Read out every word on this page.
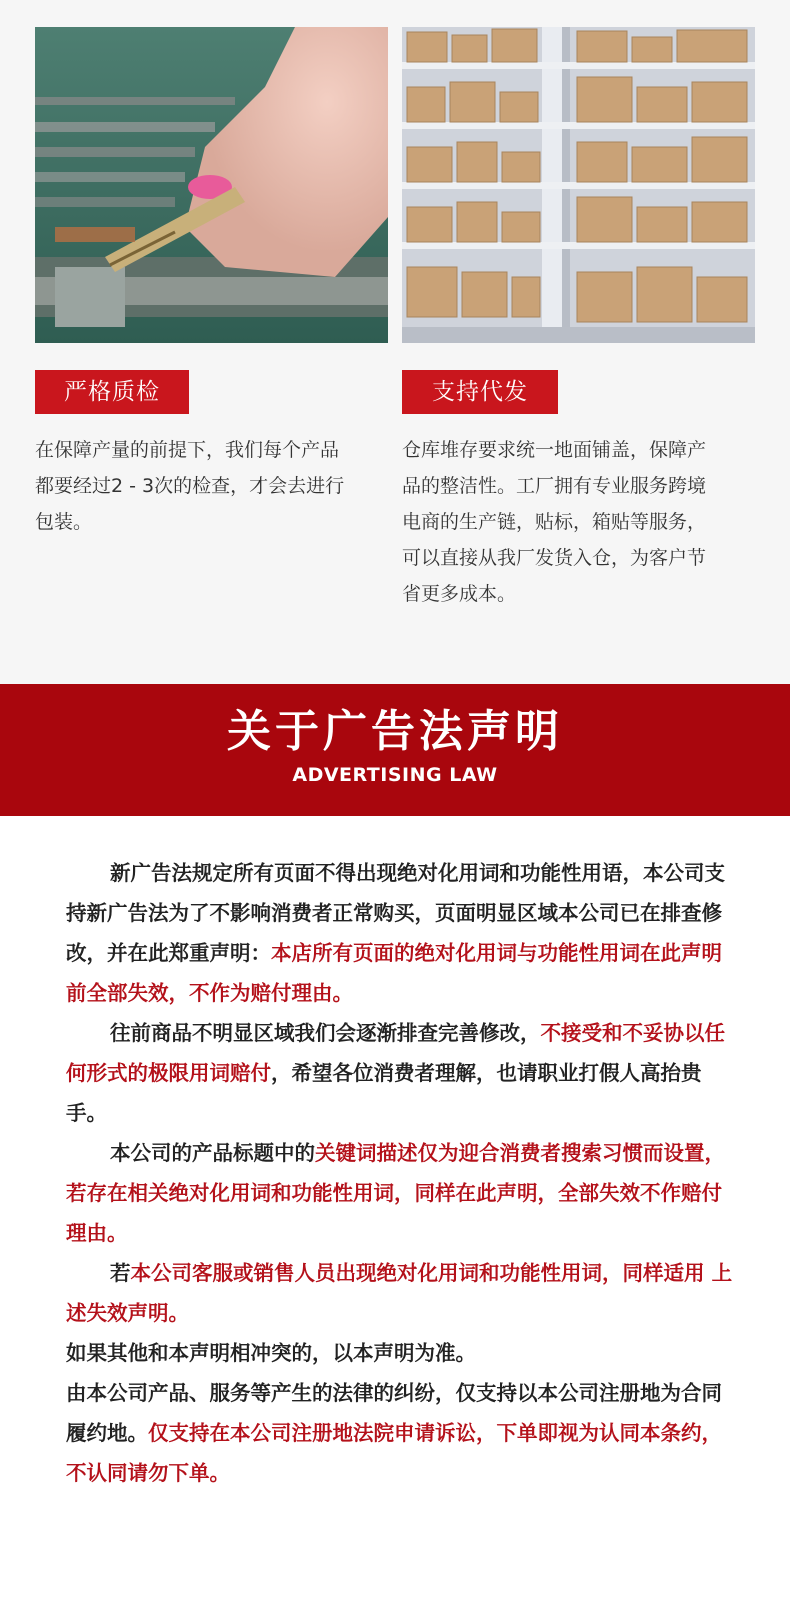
严格质检
在保障产量的前提下，我们每个产品
都要经过2 - 3次的检查，才会去进行
包装。
支持代发
仓库堆存要求统一地面铺盖，保障产
品的整洁性。工厂拥有专业服务跨境
电商的生产链，贴标，箱贴等服务，
可以直接从我厂发货入仓，为客户节
省更多成本。
关于广告法声明
ADVERTISING LAW

新广告法规定所有页面不得出现绝对化用词和功能性用语，本公司支持新广告法为了不影响消费者正常购买，页面明显区域本公司已在排查修改，并在此郑重声明：本店所有页面的绝对化用词与功能性用词在此声明前全部失效，不作为赔付理由。

往前商品不明显区域我们会逐渐排查完善修改，不接受和不妥协以任何形式的极限用词赔付，希望各位消费者理解，也请职业打假人高抬贵手。

本公司的产品标题中的关键词描述仅为迎合消费者搜索习惯而设置，若存在相关绝对化用词和功能性用词，同样在此声明，全部失效不作赔付理由。

若本公司客服或销售人员出现绝对化用词和功能性用词，同样适用 上述失效声明。

如果其他和本声明相冲突的，以本声明为准。

由本公司产品、服务等产生的法律的纠纷，仅支持以本公司注册地为合同履约地。仅支持在本公司注册地法院申请诉讼，下单即视为认同本条约，不认同请勿下单。
